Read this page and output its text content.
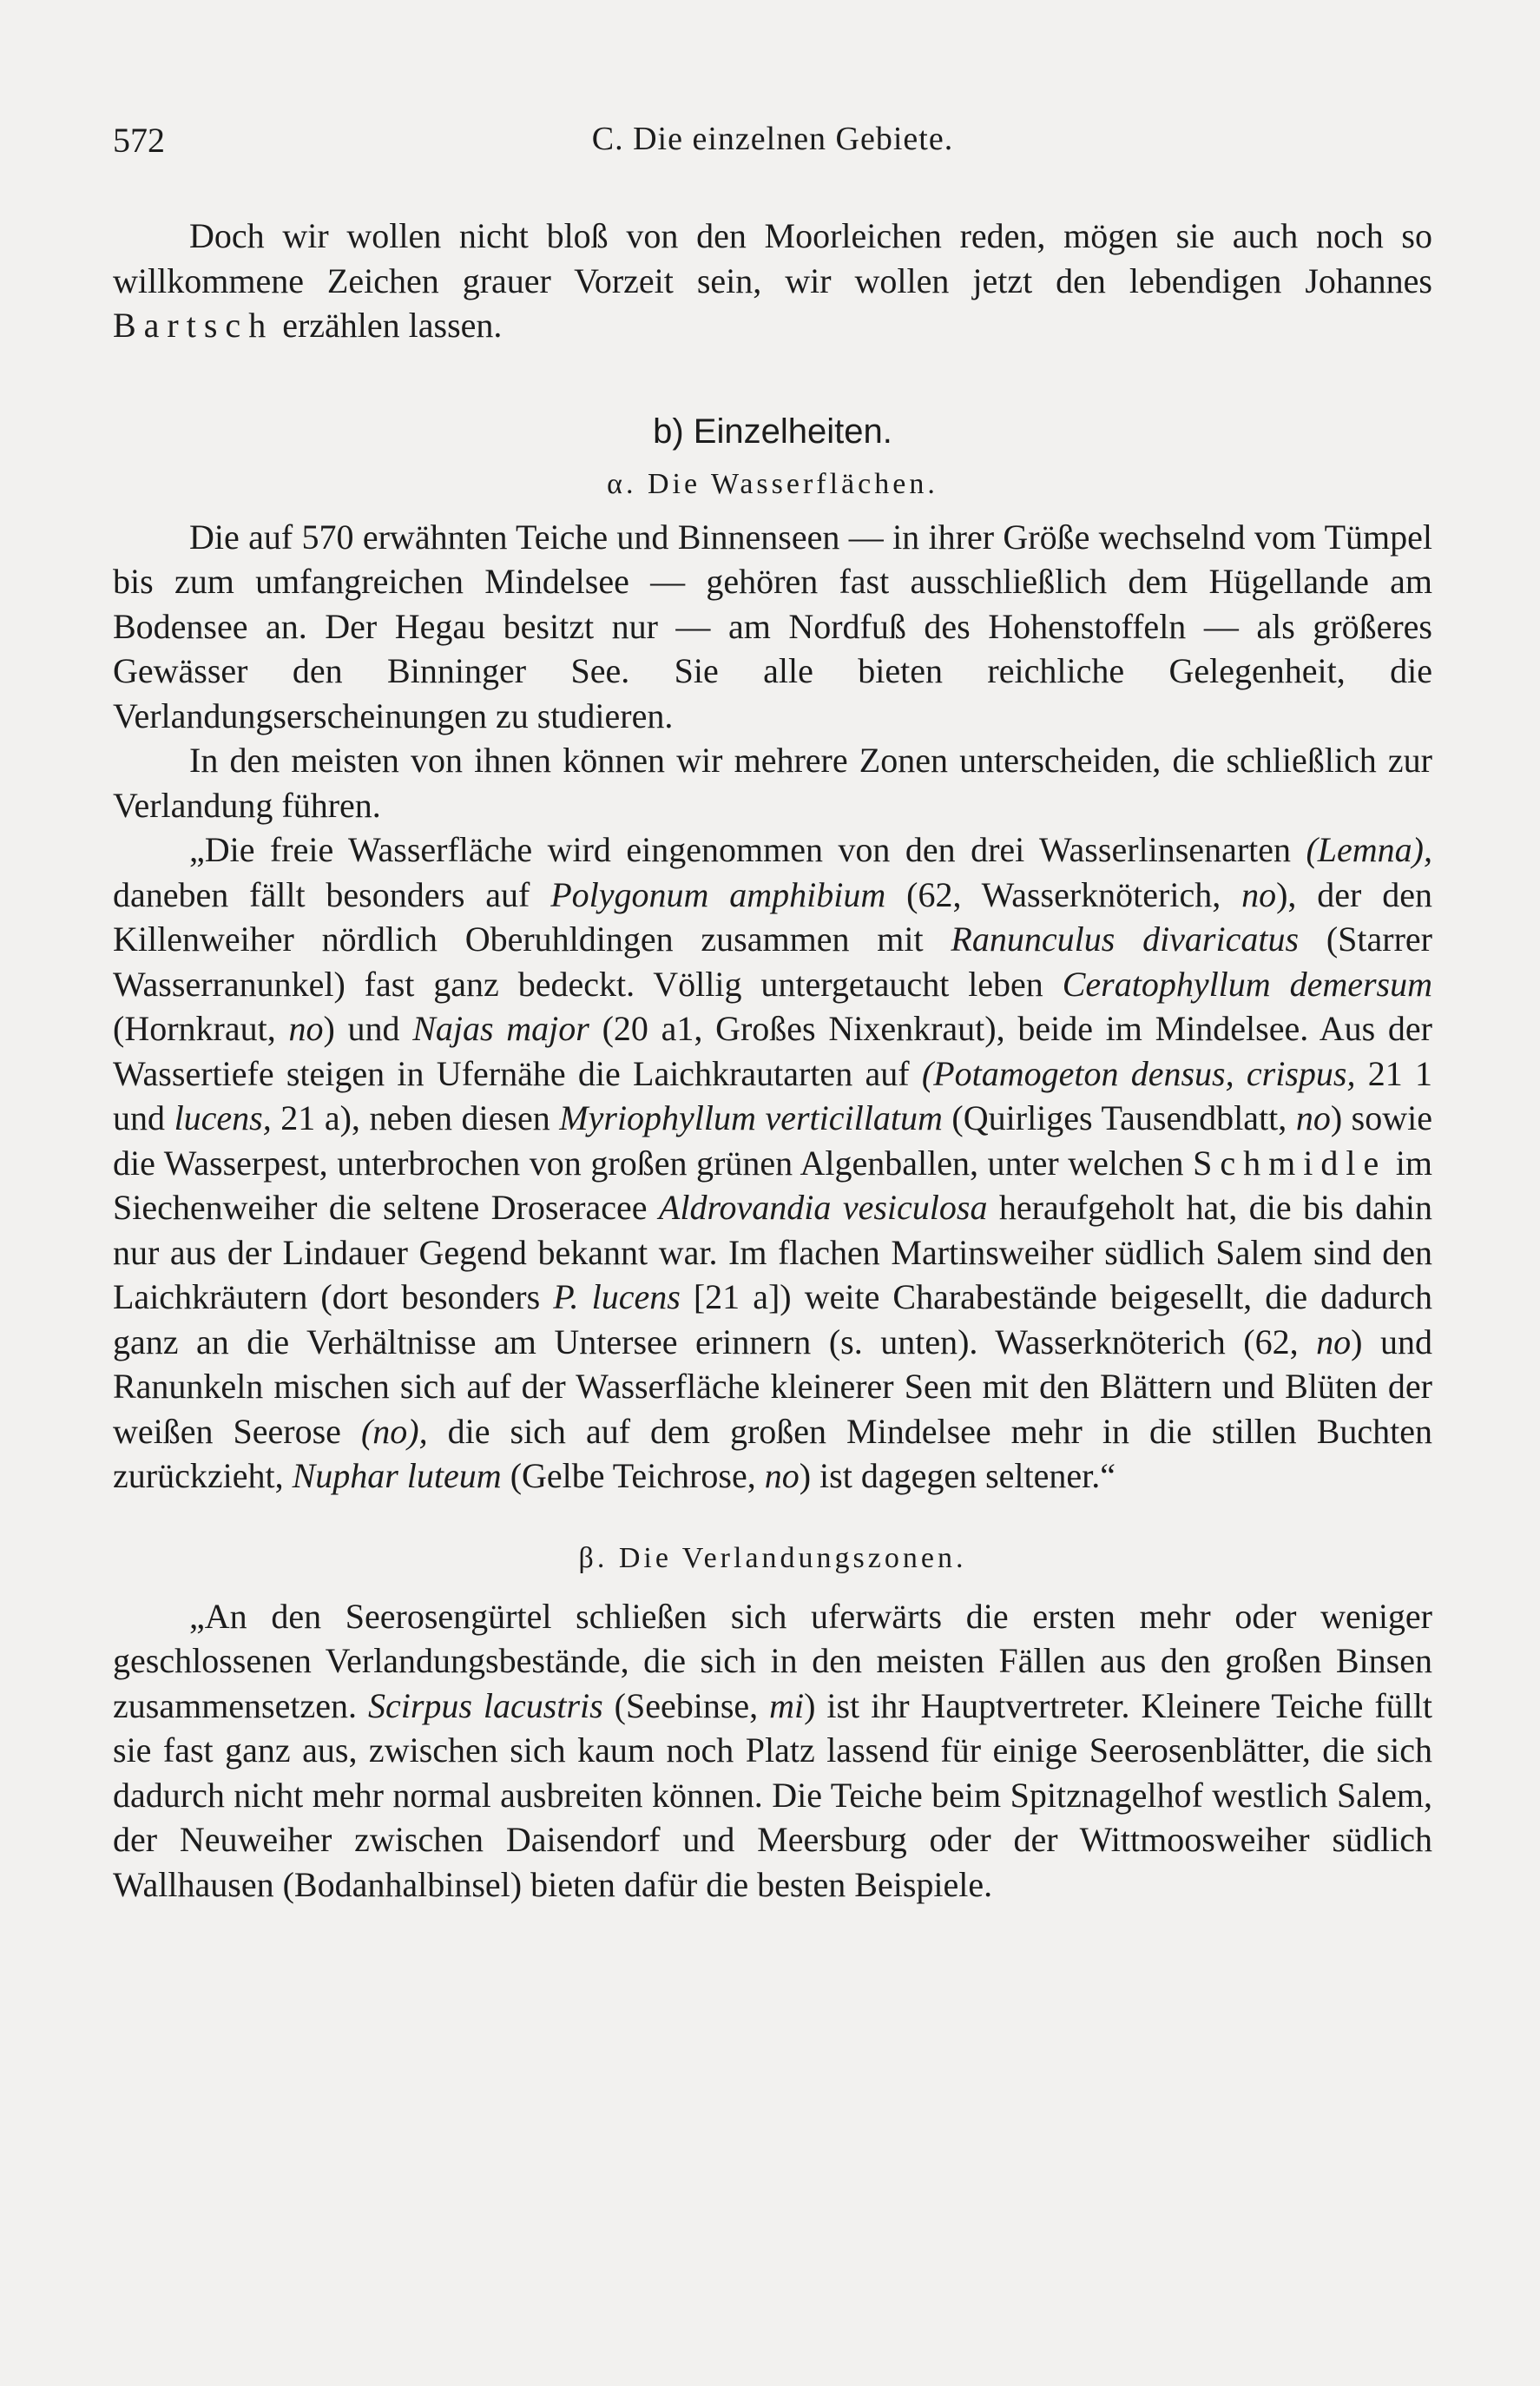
572	C. Die einzelnen Gebiete.

Doch wir wollen nicht bloß von den Moorleichen reden, mögen sie auch noch so willkommene Zeichen grauer Vorzeit sein, wir wollen jetzt den lebendigen Johannes Bartsch erzählen lassen.

b) Einzelheiten.
α. Die Wasserflächen.

Die auf 570 erwähnten Teiche und Binnenseen — in ihrer Größe wechselnd vom Tümpel bis zum umfangreichen Mindelsee — gehören fast ausschließlich dem Hügellande am Bodensee an. Der Hegau besitzt nur — am Nordfuß des Hohenstoffeln — als größeres Gewässer den Binninger See. Sie alle bieten reichliche Gelegenheit, die Verlandungserscheinungen zu studieren.

In den meisten von ihnen können wir mehrere Zonen unterscheiden, die schließlich zur Verlandung führen.

„Die freie Wasserfläche wird eingenommen von den drei Wasserlinsenarten (Lemna), daneben fällt besonders auf Polygonum amphibium (62, Wasserknöterich, no), der den Killenweiher nördlich Oberuhldingen zusammen mit Ranunculus divaricatus (Starrer Wasserranunkel) fast ganz bedeckt. Völlig untergetaucht leben Ceratophyllum demersum (Hornkraut, no) und Najas major (20 a1, Großes Nixenkraut), beide im Mindelsee. Aus der Wassertiefe steigen in Ufernähe die Laichkrautarten auf (Potamogeton densus, crispus, 21 1 und lucens, 21 a), neben diesen Myriophyllum verticillatum (Quirliges Tausendblatt, no) sowie die Wasserpest, unterbrochen von großen grünen Algenballen, unter welchen Schmidle im Siechenweiher die seltene Droseracee Aldrovandia vesiculosa heraufgeholt hat, die bis dahin nur aus der Lindauer Gegend bekannt war. Im flachen Martinsweiher südlich Salem sind den Laichkräutern (dort besonders P. lucens [21 a]) weite Charabestände beigesellt, die dadurch ganz an die Verhältnisse am Untersee erinnern (s. unten). Wasserknöterich (62, no) und Ranunkeln mischen sich auf der Wasserfläche kleinerer Seen mit den Blättern und Blüten der weißen Seerose (no), die sich auf dem großen Mindelsee mehr in die stillen Buchten zurückzieht, Nuphar luteum (Gelbe Teichrose, no) ist dagegen seltener.“

β. Die Verlandungszonen.

„An den Seerosengürtel schließen sich uferwärts die ersten mehr oder weniger geschlossenen Verlandungsbestände, die sich in den meisten Fällen aus den großen Binsen zusammensetzen. Scirpus lacustris (Seebinse, mi) ist ihr Hauptvertreter. Kleinere Teiche füllt sie fast ganz aus, zwischen sich kaum noch Platz lassend für einige Seerosenblätter, die sich dadurch nicht mehr normal ausbreiten können. Die Teiche beim Spitznagelhof westlich Salem, der Neuweiher zwischen Daisendorf und Meersburg oder der Wittmoosweiher südlich Wallhausen (Bodanhalbinsel) bieten dafür die besten Beispiele.
